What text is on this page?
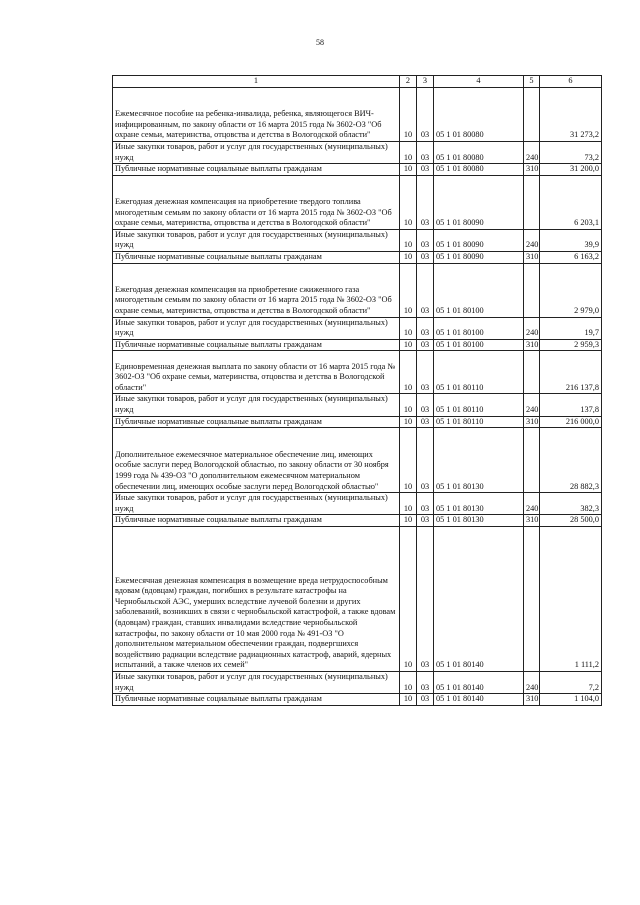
58
1	2	3	4	5	6
Ежемесячное пособие на ребенка-инвалида, ребенка, являющегося ВИЧ-инфицированным, по закону области от 16 марта 2015 года № 3602-ОЗ "Об охране семьи, материнства, отцовства и детства в Вологодской области"	10	03	05 1 01 80080		31 273,2
Иные закупки товаров, работ и услуг для государственных (муниципальных) нужд	10	03	05 1 01 80080	240	73,2
Публичные нормативные социальные выплаты гражданам	10	03	05 1 01 80080	310	31 200,0
Ежегодная денежная компенсация на приобретение твердого топлива многодетным семьям по закону области от 16 марта 2015 года № 3602-ОЗ "Об охране семьи, материнства, отцовства и детства в Вологодской области"	10	03	05 1 01 80090		6 203,1
Иные закупки товаров, работ и услуг для государственных (муниципальных) нужд	10	03	05 1 01 80090	240	39,9
Публичные нормативные социальные выплаты гражданам	10	03	05 1 01 80090	310	6 163,2
Ежегодная денежная компенсация на приобретение сжиженного газа многодетным семьям по закону области от 16 марта 2015 года № 3602-ОЗ "Об охране семьи, материнства, отцовства и детства в Вологодской области"	10	03	05 1 01 80100		2 979,0
Иные закупки товаров, работ и услуг для государственных (муниципальных) нужд	10	03	05 1 01 80100	240	19,7
Публичные нормативные социальные выплаты гражданам	10	03	05 1 01 80100	310	2 959,3
Единовременная денежная выплата по закону области от 16 марта 2015 года № 3602-ОЗ "Об охране семьи, материнства, отцовства и детства в Вологодской области"	10	03	05 1 01 80110		216 137,8
Иные закупки товаров, работ и услуг для государственных (муниципальных) нужд	10	03	05 1 01 80110	240	137,8
Публичные нормативные социальные выплаты гражданам	10	03	05 1 01 80110	310	216 000,0
Дополнительное ежемесячное материальное обеспечение лиц, имеющих особые заслуги перед Вологодской областью, по закону области от 30 ноября 1999 года № 439-ОЗ "О дополнительном ежемесячном материальном обеспечении лиц, имеющих особые заслуги перед Вологодской областью"	10	03	05 1 01 80130		28 882,3
Иные закупки товаров, работ и услуг для государственных (муниципальных) нужд	10	03	05 1 01 80130	240	382,3
Публичные нормативные социальные выплаты гражданам	10	03	05 1 01 80130	310	28 500,0
Ежемесячная денежная компенсация в возмещение вреда нетрудоспособным вдовам (вдовцам) граждан, погибших в результате катастрофы на Чернобыльской АЭС, умерших вследствие лучевой болезни и других заболеваний, возникших в связи с чернобыльской катастрофой, а также вдовам (вдовцам) граждан, ставших инвалидами вследствие чернобыльской катастрофы, по закону области от 10 мая 2000 года № 491-ОЗ "О дополнительном материальном обеспечении граждан, подвергшихся воздействию радиации вследствие радиационных катастроф, аварий, ядерных испытаний, а также членов их семей"	10	03	05 1 01 80140		1 111,2
Иные закупки товаров, работ и услуг для государственных (муниципальных) нужд	10	03	05 1 01 80140	240	7,2
Публичные нормативные социальные выплаты гражданам	10	03	05 1 01 80140	310	1 104,0
